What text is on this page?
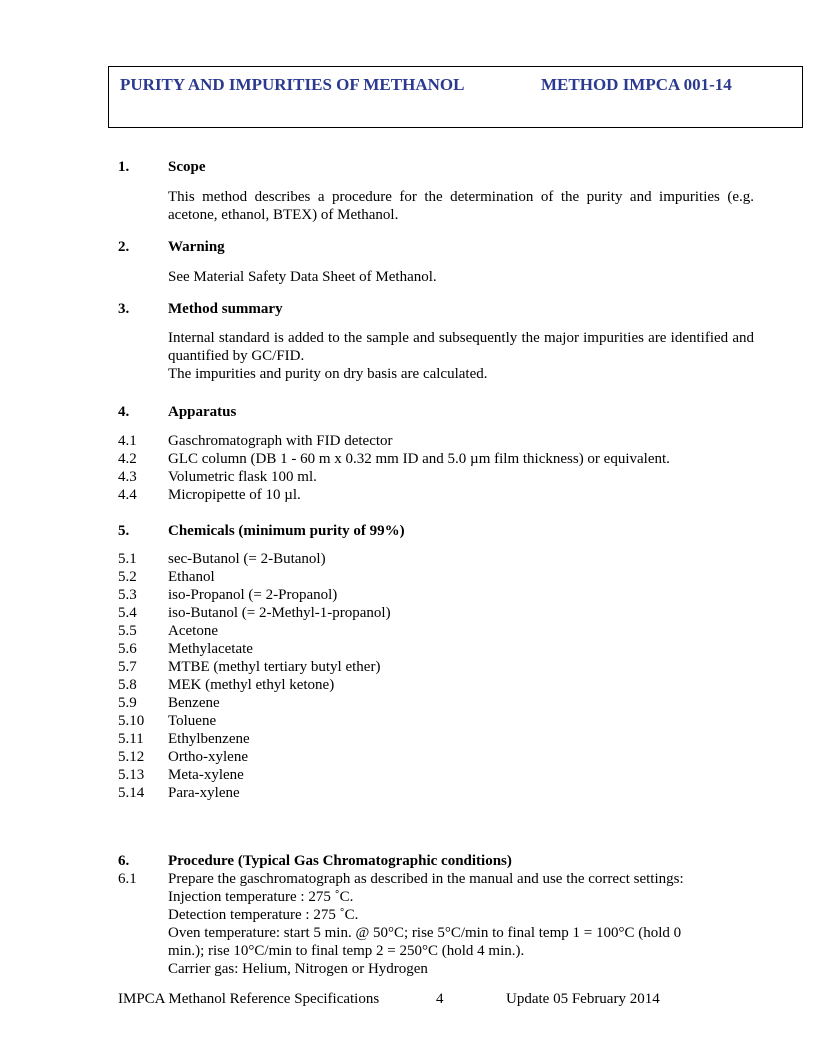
PURITY AND IMPURITIES OF METHANOL	METHOD IMPCA 001-14
1.	Scope
This method describes a procedure for the determination of the purity and impurities (e.g. acetone, ethanol, BTEX) of Methanol.
2.	Warning
See Material Safety Data Sheet of Methanol.
3.	Method summary
Internal standard is added to the sample and subsequently the major impurities are identified and quantified by GC/FID.
The impurities and purity on dry basis are calculated.
4.	Apparatus
4.1 Gaschromatograph with FID detector
4.2 GLC column (DB 1 - 60 m x 0.32 mm ID and 5.0 µm film thickness) or equivalent.
4.3 Volumetric flask 100 ml.
4.4 Micropipette of 10 µl.
5.	Chemicals (minimum purity of 99%)
5.1 sec-Butanol (= 2-Butanol)
5.2 Ethanol
5.3 iso-Propanol (= 2-Propanol)
5.4 iso-Butanol (= 2-Methyl-1-propanol)
5.5 Acetone
5.6 Methylacetate
5.7 MTBE (methyl tertiary butyl ether)
5.8 MEK (methyl ethyl ketone)
5.9 Benzene
5.10 Toluene
5.11 Ethylbenzene
5.12 Ortho-xylene
5.13 Meta-xylene
5.14 Para-xylene
6.	Procedure (Typical Gas Chromatographic conditions)
6.1 Prepare the gaschromatograph as described in the manual and use the correct settings:
Injection temperature : 275 ˚C.
Detection temperature : 275 ˚C.
Oven temperature: start 5 min. @ 50°C; rise 5°C/min to final temp 1 = 100°C (hold 0
min.); rise 10°C/min to final temp 2 = 250°C (hold 4 min.).
Carrier gas: Helium, Nitrogen or Hydrogen
IMPCA Methanol Reference Specifications	4	Update 05 February 2014
